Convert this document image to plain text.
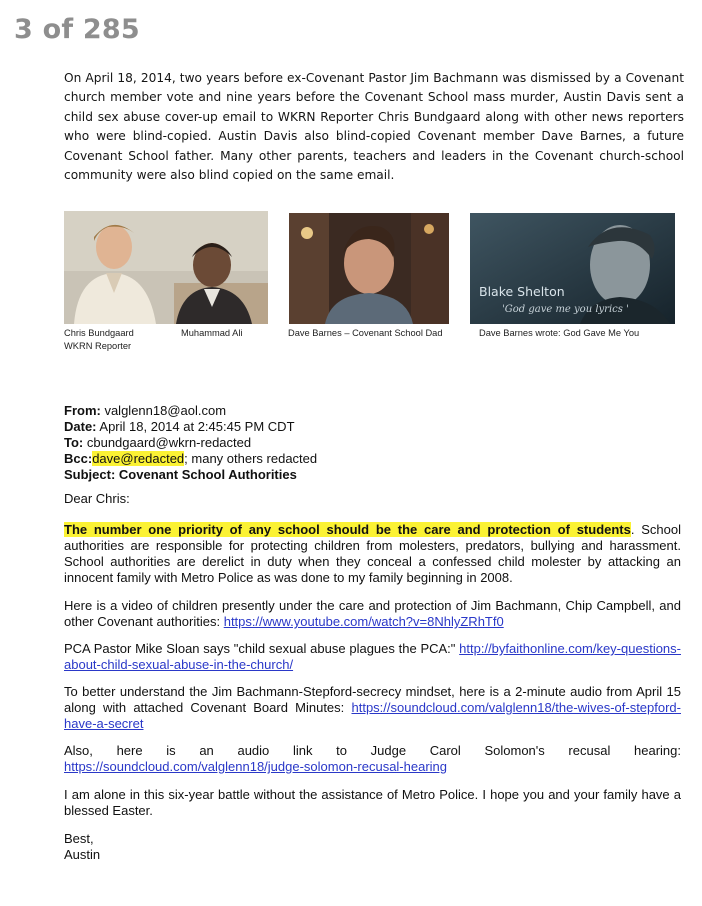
3 of 285

On April 18, 2014, two years before ex-Covenant Pastor Jim Bachmann was dismissed by a Covenant church member vote and nine years before the Covenant School mass murder, Austin Davis sent a child sex abuse cover-up email to WKRN Reporter Chris Bundgaard along with other news reporters who were blind-copied. Austin Davis also blind-copied Covenant member Dave Barnes, a future Covenant School father. Many other parents, teachers and leaders in the Covenant church-school community were also blind copied on the same email.

Blake Shelton
'God gave me you lyrics '
Chris Bundgaard
WKRN Reporter
Muhammad Ali	Dave Barnes – Covenant School Dad	Dave Barnes wrote: God Gave Me You
From: valglenn18@aol.com
Date: April 18, 2014 at 2:45:45 PM CDT
To: cbundgaard@wkrn-redacted
Bcc:dave@redacted; many others redacted
Subject: Covenant School Authorities
Dear Chris:

The number one priority of any school should be the care and protection of students. School authorities are responsible for protecting children from molesters, predators, bullying and harassment. School authorities are derelict in duty when they conceal a confessed child molester by attacking an innocent family with Metro Police as was done to my family beginning in 2008.

Here is a video of children presently under the care and protection of Jim Bachmann, Chip Campbell, and other Covenant authorities: https://www.youtube.com/watch?v=8NhlyZRhTf0

PCA Pastor Mike Sloan says "child sexual abuse plagues the PCA:" http://byfaithonline.com/key-questions-about-child-sexual-abuse-in-the-church/

To better understand the Jim Bachmann-Stepford-secrecy mindset, here is a 2-minute audio from April 15 along with attached Covenant Board Minutes: https://soundcloud.com/valglenn18/the-wives-of-stepford-have-a-secret

Also, here is an audio link to Judge Carol Solomon's recusal hearing:
https://soundcloud.com/valglenn18/judge-solomon-recusal-hearing

I am alone in this six-year battle without the assistance of Metro Police. I hope you and your family have a blessed Easter.

Best,
Austin
